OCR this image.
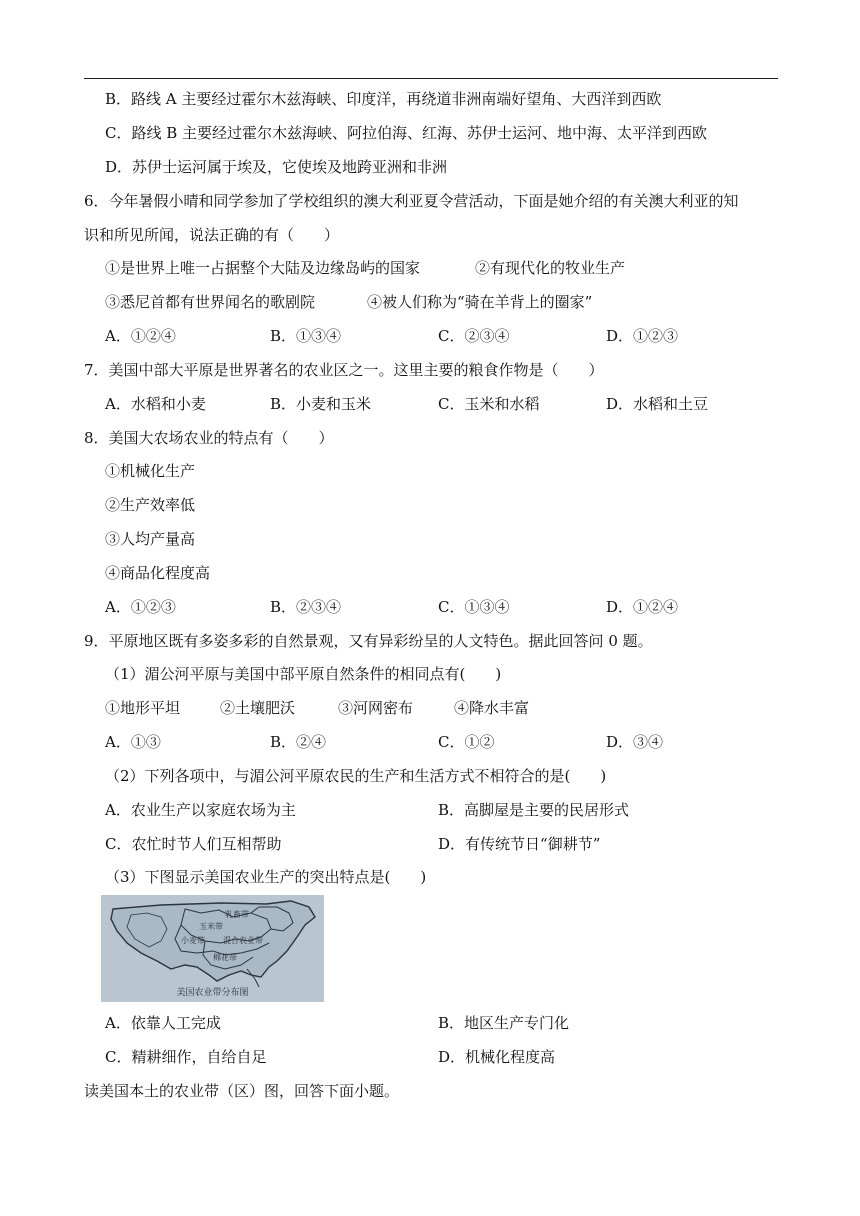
B．路线 A 主要经过霍尔木兹海峡、印度洋，再绕道非洲南端好望角、大西洋到西欧
C．路线 B 主要经过霍尔木兹海峡、阿拉伯海、红海、苏伊士运河、地中海、太平洋到西欧
D．苏伊士运河属于埃及，它使埃及地跨亚洲和非洲
6．今年暑假小晴和同学参加了学校组织的澳大利亚夏令营活动，下面是她介绍的有关澳大利亚的知
识和所见所闻，说法正确的有（　　）
①是世界上唯一占据整个大陆及边缘岛屿的国家	②有现代化的牧业生产
③悉尼首都有世界闻名的歌剧院	④被人们称为“骑在羊背上的圈家”
A．①②④	B．①③④	C．②③④	D．①②③
7．美国中部大平原是世界著名的农业区之一。这里主要的粮食作物是（　　）
A．水稻和小麦	B．小麦和玉米	C．玉米和水稻	D．水稻和土豆
8．美国大农场农业的特点有（　　）
①机械化生产
②生产效率低
③人均产量高
④商品化程度高
A．①②③	B．②③④	C．①③④	D．①②④
9．平原地区既有多姿多彩的自然景观，又有异彩纷呈的人文特色。据此回答问 0 题。
（1）湄公河平原与美国中部平原自然条件的相同点有(　　)
①地形平坦	②土壤肥沃	③河网密布	④降水丰富
A．①③	B．②④	C．①②	D．③④
（2）下列各项中，与湄公河平原农民的生产和生活方式不相符合的是(　　)
A．农业生产以家庭农场为主	B．高脚屋是主要的民居形式
C．农忙时节人们互相帮助	D．有传统节日“御耕节”
（3）下图显示美国农业生产的突出特点是(　　)
乳畜带
玉米带
小麦带 混合农业带
棉花带
美国农业带分布图
A．依靠人工完成	B．地区生产专门化
C．精耕细作，自给自足	D．机械化程度高
读美国本土的农业带（区）图，回答下面小题。
